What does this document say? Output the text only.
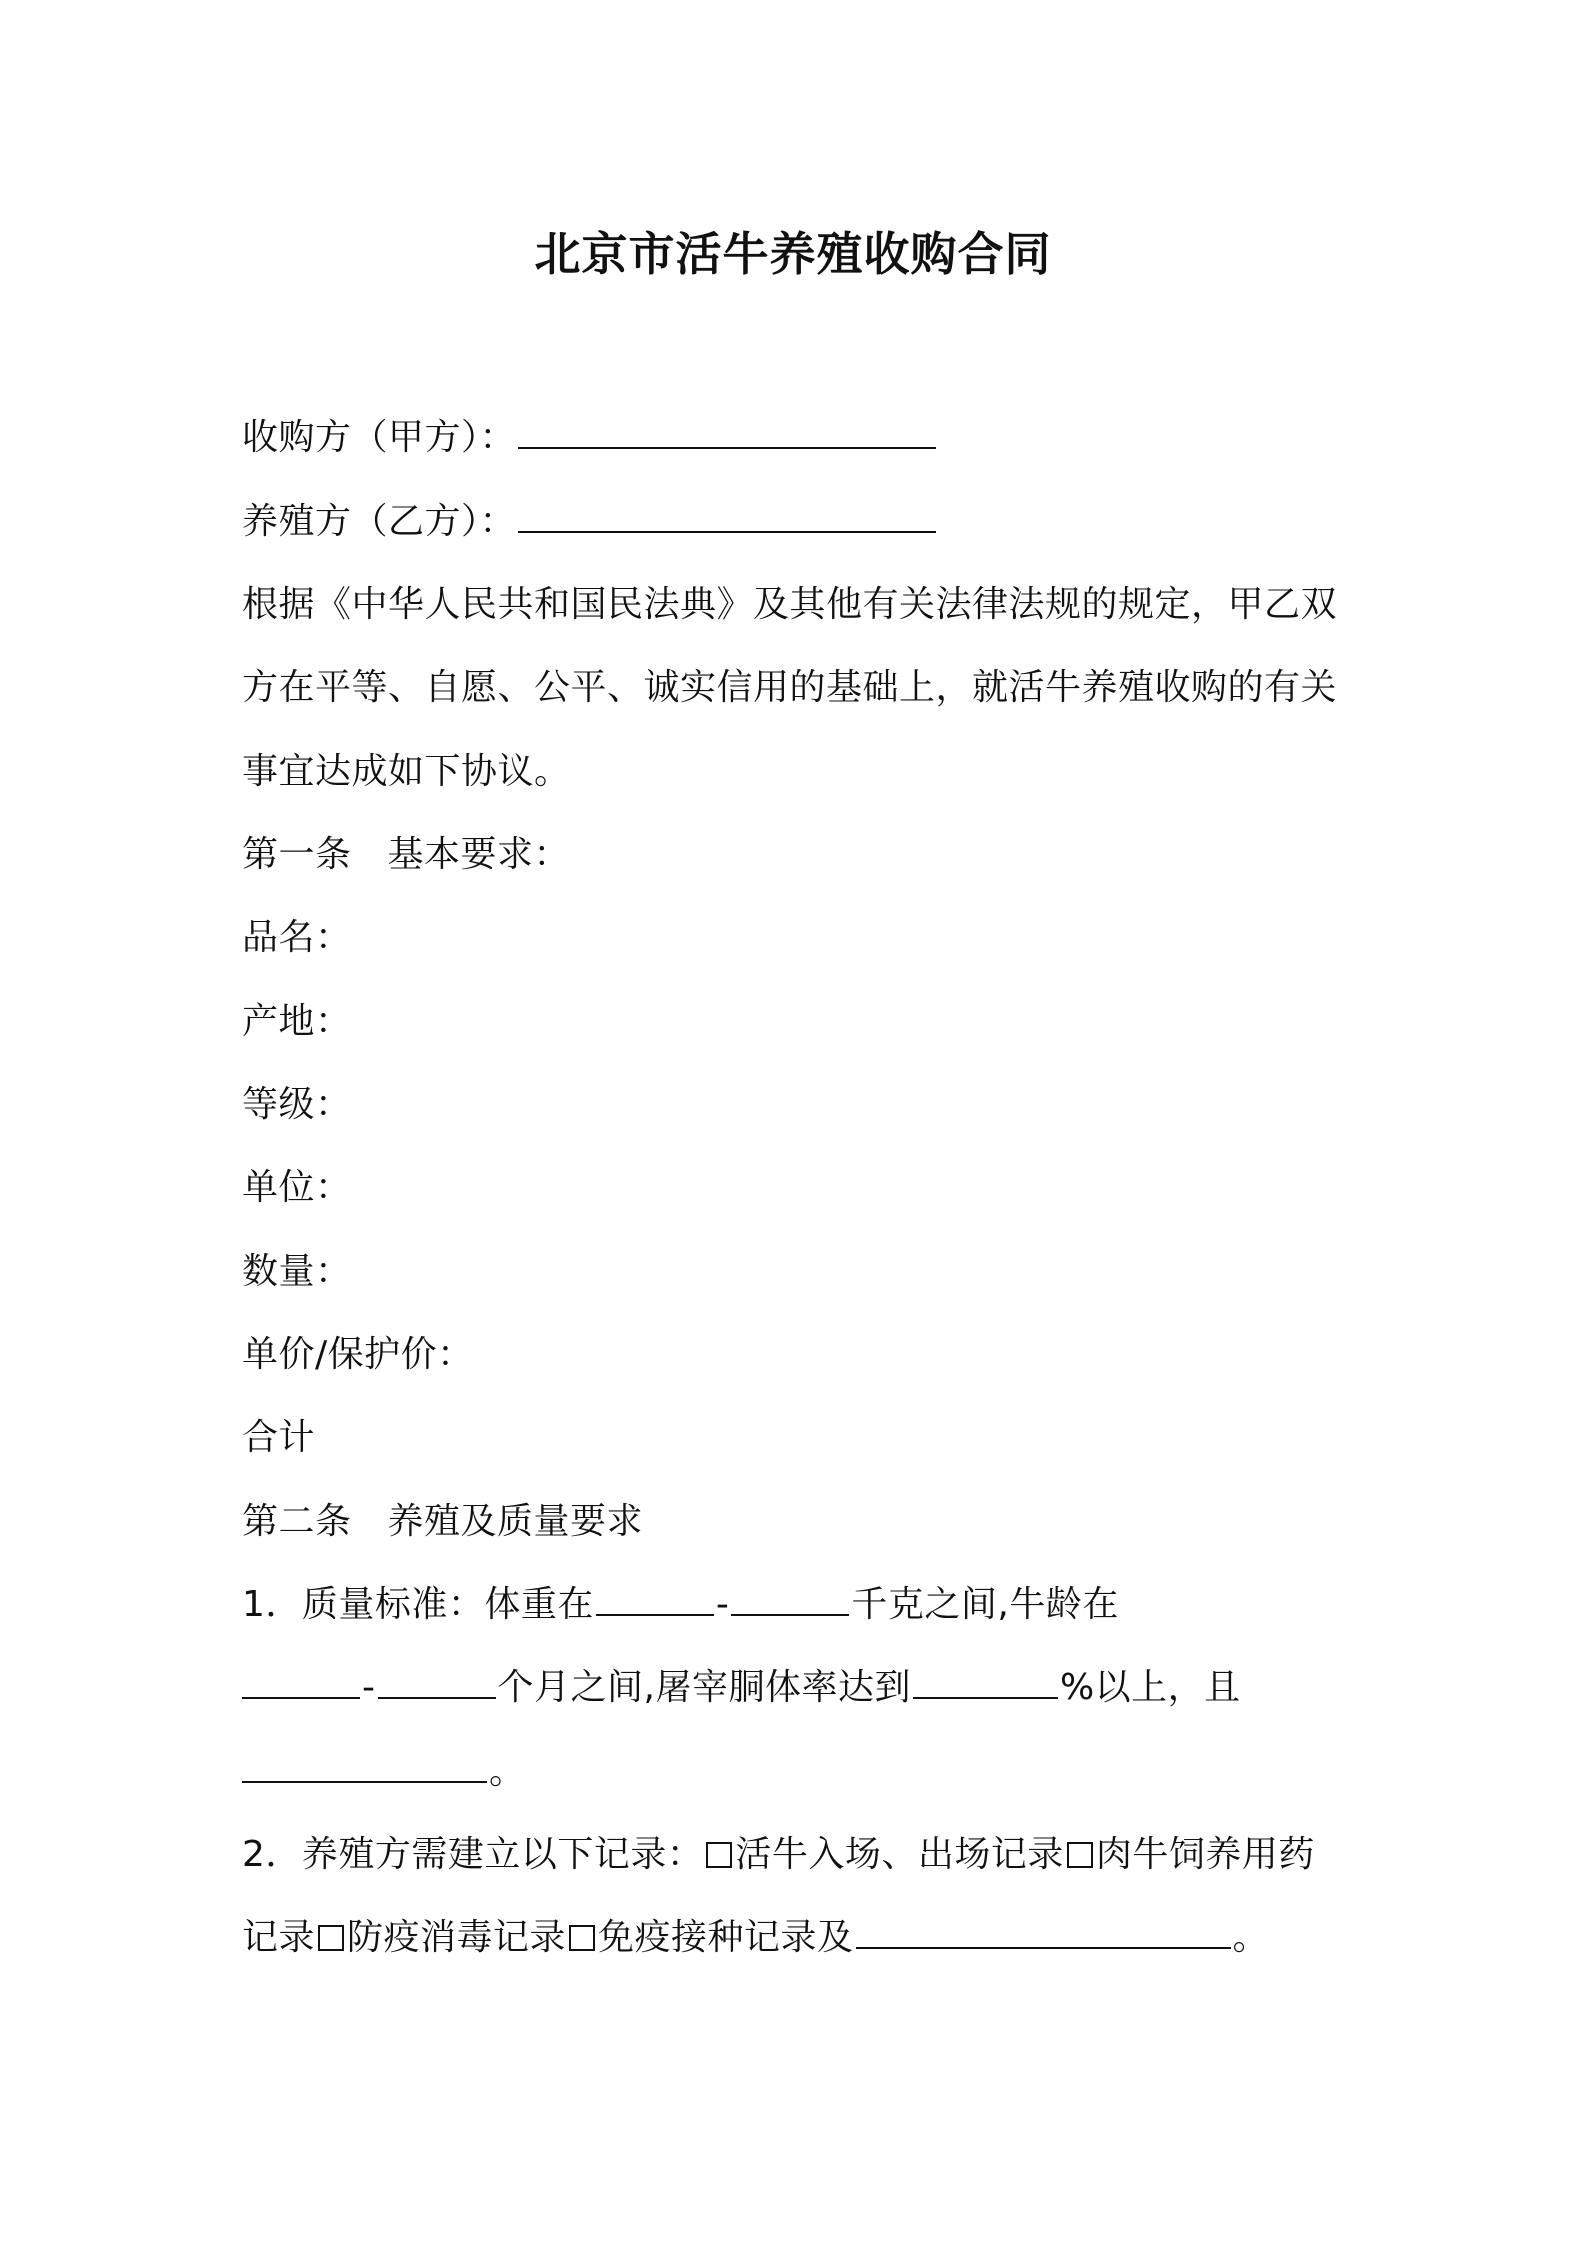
北京市活牛养殖收购合同
收购方（甲方）：
养殖方（乙方）：
根据《中华人民共和国民法典》及其他有关法律法规的规定，甲乙双
方在平等、自愿、公平、诚实信用的基础上，就活牛养殖收购的有关
事宜达成如下协议。
第一条 基本要求：
品名：
产地：
等级：
单位：
数量：
单价/保护价：
合计
第二条 养殖及质量要求
1．质量标准：体重在	-	千克之间,牛龄在
-	个月之间,屠宰胴体率达到	%以上，且
。
2．养殖方需建立以下记录： 活牛入场、出场记录 肉牛饲养用药
记录 防疫消毒记录 免疫接种记录及	。
